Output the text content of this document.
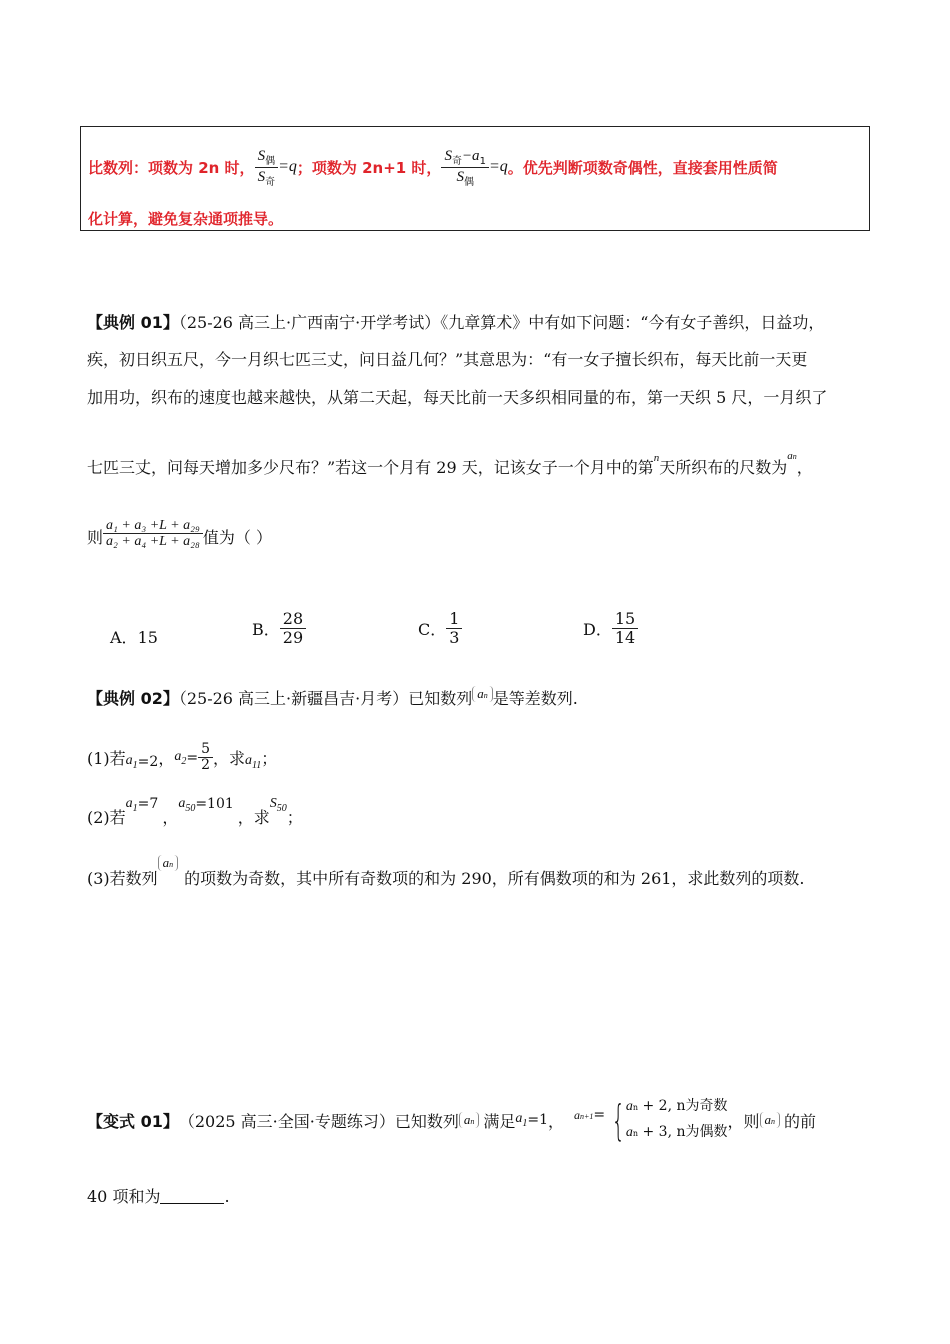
比数列：项数为 2n 时， $\frac{S_偶}{S_奇} =q$ ；项数为 2n+1 时， $\frac{S_奇-a_1}{S_偶} =q$ 。优先判断项数奇偶性，直接套用性质简
化计算，避免复杂通项推导。
【典例 01】（25-26 高三上·广西南宁·开学考试）《九章算术》中有如下问题：“今有女子善织，日益功，
疾，初日织五尺，今一月织七匹三丈，问日益几何？”其意思为：“有一女子擅长织布，每天比前一天更
加用功，织布的速度也越来越快，从第二天起，每天比前一天多织相同量的布，第一天织 5 尺，一月织了
七匹三丈，问每天增加多少尺布？”若这一个月有 29 天，记该女子一个月中的第$^n$天所织布的尺数为$^{an}$，
则 $\frac{\text{a₁ + a₃ +L + a₂₉}}{\text{a₂ + a₄ +L + a₂₈}}$ 值为（ ）
A．15	B． $\frac{28}{29}$	C． $\frac{1}{3}$	D． $\frac{15}{14}$
【典例 02】（25-26 高三上·新疆昌吉·月考）已知数列 an 是等差数列.
(1)若 $a_1 =2$ ， $a_2 = \frac{5}{2}$ ，求 $a_{11}$ ；
(2)若
$a_1 =7$
，
$a_{50} =101$
，求
$S_{50}$ ；
(3)若数列
an
的项数为奇数，其中所有奇数项的和为 290，所有偶数项的和为 261，求此数列的项数.
【变式 01】 （2025 高三·全国·专题练习） 已知数列 an 满足 $a_1 =1$ ， an+1 = { an + 2, n为奇数
an + 3, n为偶数
，则 an 的前
40 项和为	.
